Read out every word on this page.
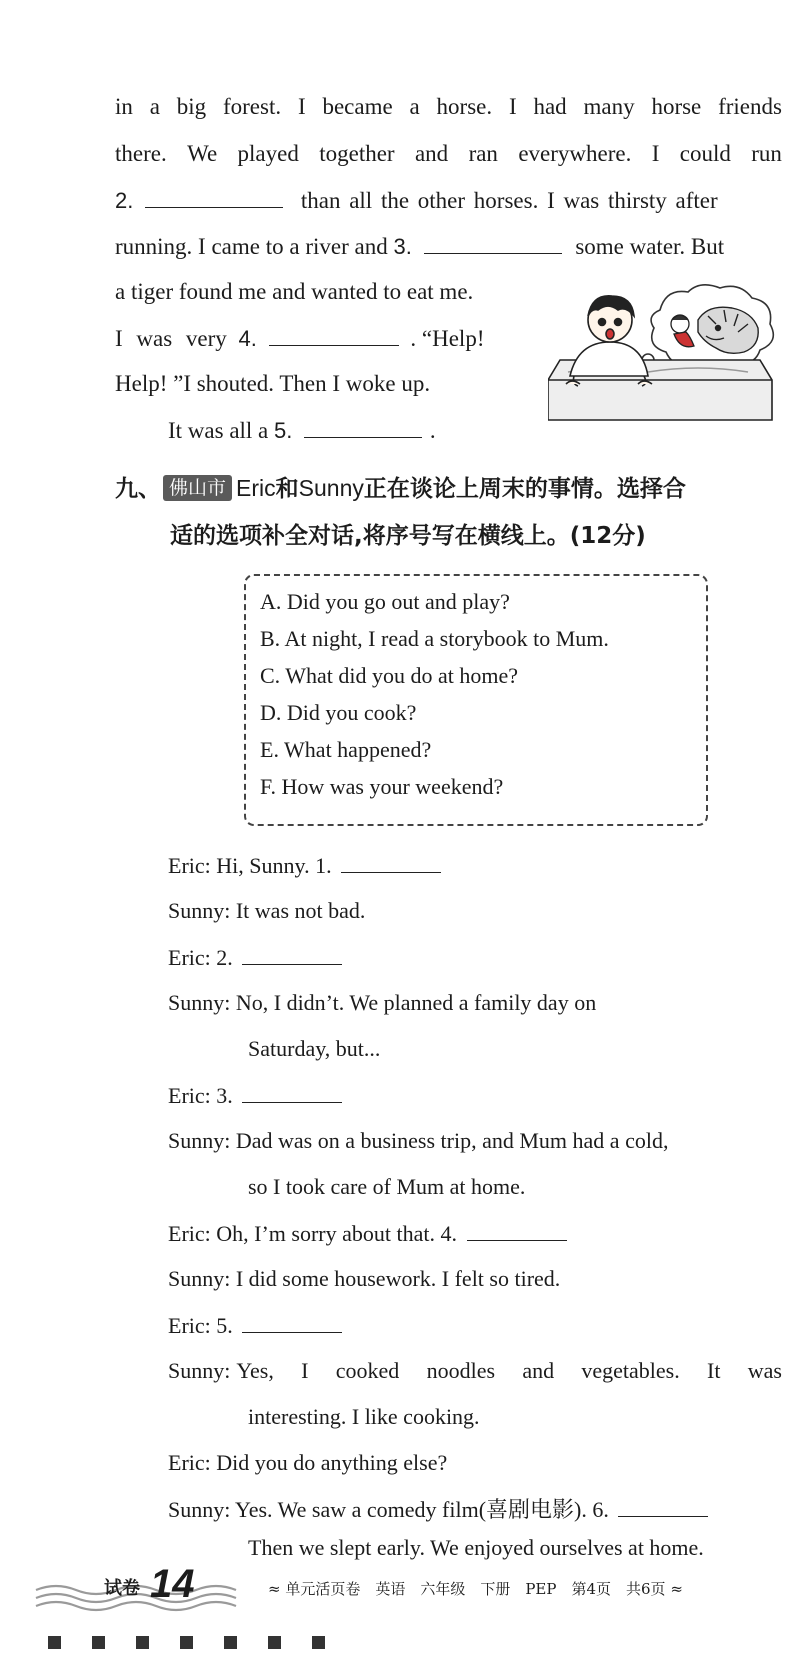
in a big forest. I became a horse. I had many horse friends
there. We played together and ran everywhere. I could run
2.	than all the other horses. I was thirsty after
running. I came to a river and 3.	some water. But
a tiger found me and wanted to eat me.
I was very 4.	. “Help!
Help! ”I shouted. Then I woke up.
It was all a 5.	.
九、 佛山市 Eric和Sunny正在谈论上周末的事情。选择合
适的选项补全对话,将序号写在横线上。(12分)
A. Did you go out and play?
B. At night, I read a storybook to Mum.
C. What did you do at home?
D. Did you cook?
E. What happened?
F. How was your weekend?
Eric: Hi, Sunny. 1.
Sunny: It was not bad.
Eric: 2.
Sunny: No, I didn’t. We planned a family day on
Saturday, but...
Eric: 3.
Sunny: Dad was on a business trip, and Mum had a cold,
so I took care of Mum at home.
Eric: Oh, I’m sorry about that. 4.
Sunny: I did some housework. I felt so tired.
Eric: 5.
Sunny: Yes, I cooked noodles and vegetables. It was
interesting. I like cooking.
Eric: Did you do anything else?
Sunny: Yes. We saw a comedy film(喜剧电影). 6.
Then we slept early. We enjoyed ourselves at home.
试卷 14	≈ 单元活页卷　英语　六年级　下册　PEP　第4页　共6页 ≈
